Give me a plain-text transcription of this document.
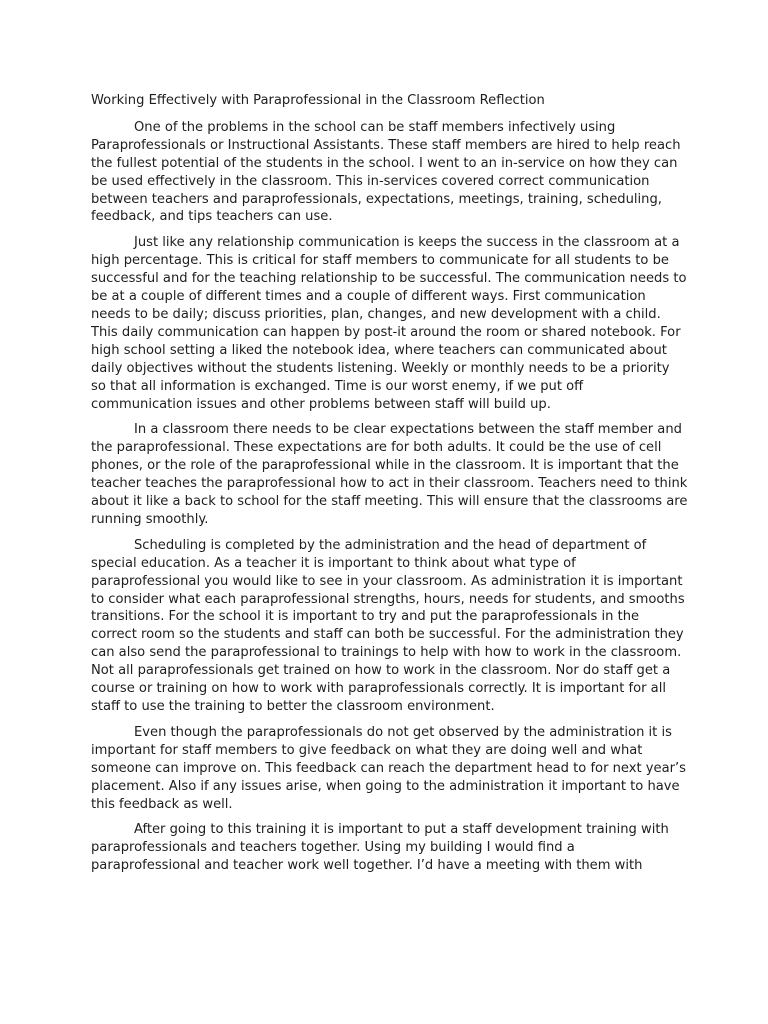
Working Effectively with Paraprofessional in the Classroom Reflection

One of the problems in the school can be staff members infectively using Paraprofessionals or Instructional Assistants. These staff members are hired to help reach the fullest potential of the students in the school. I went to an in-service on how they can be used effectively in the classroom. This in-services covered correct communication between teachers and paraprofessionals, expectations, meetings, training, scheduling, feedback, and tips teachers can use.

Just like any relationship communication is keeps the success in the classroom at a high percentage. This is critical for staff members to communicate for all students to be successful and for the teaching relationship to be successful. The communication needs to be at a couple of different times and a couple of different ways. First communication needs to be daily; discuss priorities, plan, changes, and new development with a child. This daily communication can happen by post-it around the room or shared notebook. For high school setting a liked the notebook idea, where teachers can communicated about daily objectives without the students listening. Weekly or monthly needs to be a priority so that all information is exchanged. Time is our worst enemy, if we put off communication issues and other problems between staff will build up.

In a classroom there needs to be clear expectations between the staff member and the paraprofessional. These expectations are for both adults. It could be the use of cell phones, or the role of the paraprofessional while in the classroom. It is important that the teacher teaches the paraprofessional how to act in their classroom. Teachers need to think about it like a back to school for the staff meeting. This will ensure that the classrooms are running smoothly.

Scheduling is completed by the administration and the head of department of special education. As a teacher it is important to think about what type of paraprofessional you would like to see in your classroom. As administration it is important to consider what each paraprofessional strengths, hours, needs for students, and smooths transitions. For the school it is important to try and put the paraprofessionals in the correct room so the students and staff can both be successful. For the administration they can also send the paraprofessional to trainings to help with how to work in the classroom. Not all paraprofessionals get trained on how to work in the classroom. Nor do staff get a course or training on how to work with paraprofessionals correctly. It is important for all staff to use the training to better the classroom environment.

Even though the paraprofessionals do not get observed by the administration it is important for staff members to give feedback on what they are doing well and what someone can improve on. This feedback can reach the department head to for next year’s placement. Also if any issues arise, when going to the administration it important to have this feedback as well.

After going to this training it is important to put a staff development training with paraprofessionals and teachers together. Using my building I would find a paraprofessional and teacher work well together. I’d have a meeting with them with
